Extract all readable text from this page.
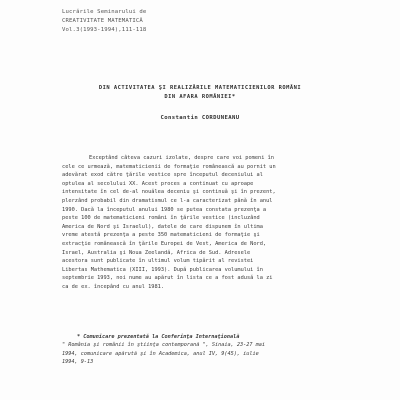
Lucrările Seminarului de
CREATIVITATE MATEMATICĂ
Vol.3(1993-1994),111-118
DIN ACTIVITATEA ŞI REALIZĂRILE MATEMATICIENILOR ROMÂNI
DIN AFARA ROMÂNIEI*
Constantin CORDUNEANU
Exceptând câteva cazuri izolate, despre care voi pomeni în
cele ce urmează, matematicienii de formaţie românească au pornit un
adevărat exod către ţările vestice spre începutul deceniului al
optulea al secolului XX. Acest proces a continuat cu aproape
intensitate în cel de-al nouălea deceniu şi continuă şi în prezent,
plerzând probabil din dramatismul ce l-a caracterizat până în anul
1990. Dacă la începutul anului 1980 se putea constata prezenţa a
peste 100 de matematicieni români în ţările vestice (incluzând
America de Nord şi Israelul), datele de care dispunem în ultima
vreme atestă prezenţa a peste 350 matematicieni de formaţie şi
extracţie românească în ţările Europei de Vest, America de Nord,
Israel, Australia şi Noua Zeelandă, Africa de Sud. Adresele
acestora sunt publicate în ultimul volum tipărit al revistei
Libertas Mathematica (XIII, 1993). După publicarea volumului în
septembrie 1993, noi nume au apărut în lista ce a fost adusă la zi
ca de ex. începând cu anul 1981.
* Comunicare prezentată la Conferinţa Internaţională
" România şi românii în ştiinţa contemporană ", Sinaia, 23-27 mai
1994, comunicare apărută şi în Academica, anul IV, 9(45), iulie
1994, 9-13
